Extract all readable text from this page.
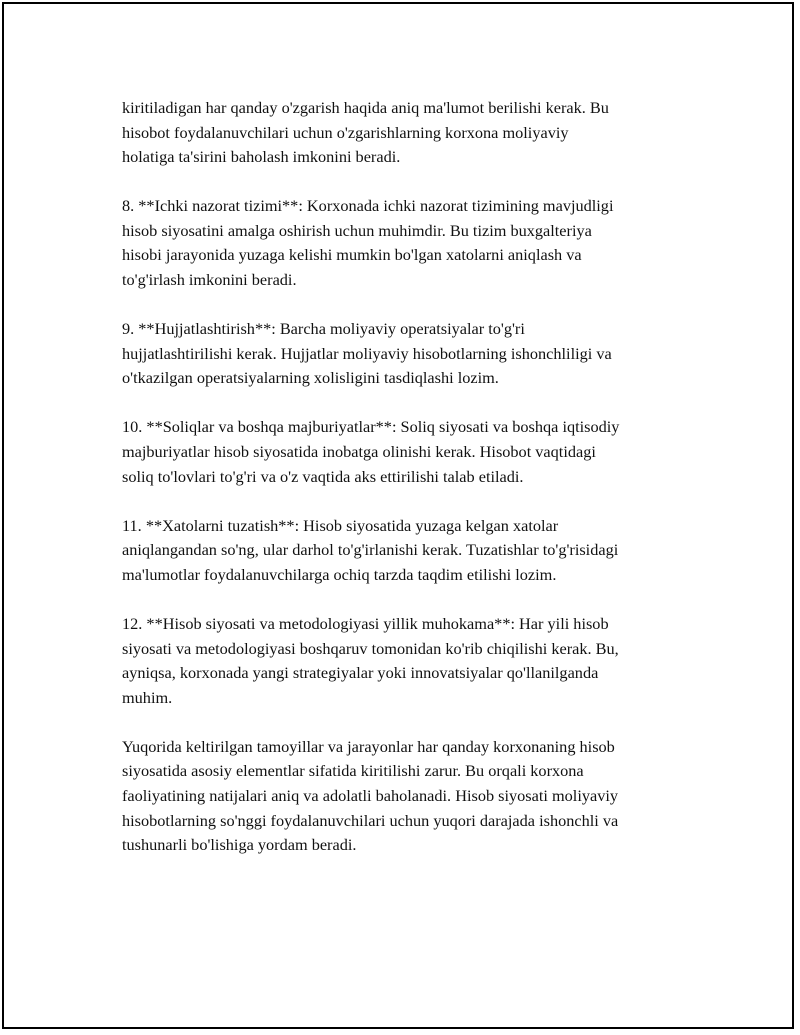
kiritiladigan har qanday o'zgarish haqida aniq ma'lumot berilishi kerak. Bu
hisobot foydalanuvchilari uchun o'zgarishlarning korxona moliyaviy
holatiga ta'sirini baholash imkonini beradi.

8. **Ichki nazorat tizimi**: Korxonada ichki nazorat tizimining mavjudligi
hisob siyosatini amalga oshirish uchun muhimdir. Bu tizim buxgalteriya
hisobi jarayonida yuzaga kelishi mumkin bo'lgan xatolarni aniqlash va
to'g'irlash imkonini beradi.

9. **Hujjatlashtirish**: Barcha moliyaviy operatsiyalar to'g'ri
hujjatlashtirilishi kerak. Hujjatlar moliyaviy hisobotlarning ishonchliligi va
o'tkazilgan operatsiyalarning xolisligini tasdiqlashi lozim.

10. **Soliqlar va boshqa majburiyatlar**: Soliq siyosati va boshqa iqtisodiy
majburiyatlar hisob siyosatida inobatga olinishi kerak. Hisobot vaqtidagi
soliq to'lovlari to'g'ri va o'z vaqtida aks ettirilishi talab etiladi.

11. **Xatolarni tuzatish**: Hisob siyosatida yuzaga kelgan xatolar
aniqlangandan so'ng, ular darhol to'g'irlanishi kerak. Tuzatishlar to'g'risidagi
ma'lumotlar foydalanuvchilarga ochiq tarzda taqdim etilishi lozim.

12. **Hisob siyosati va metodologiyasi yillik muhokama**: Har yili hisob
siyosati va metodologiyasi boshqaruv tomonidan ko'rib chiqilishi kerak. Bu,
ayniqsa, korxonada yangi strategiyalar yoki innovatsiyalar qo'llanilganda
muhim.

Yuqorida keltirilgan tamoyillar va jarayonlar har qanday korxonaning hisob
siyosatida asosiy elementlar sifatida kiritilishi zarur. Bu orqali korxona
faoliyatining natijalari aniq va adolatli baholanadi. Hisob siyosati moliyaviy
hisobotlarning so'nggi foydalanuvchilari uchun yuqori darajada ishonchli va
tushunarli bo'lishiga yordam beradi.
